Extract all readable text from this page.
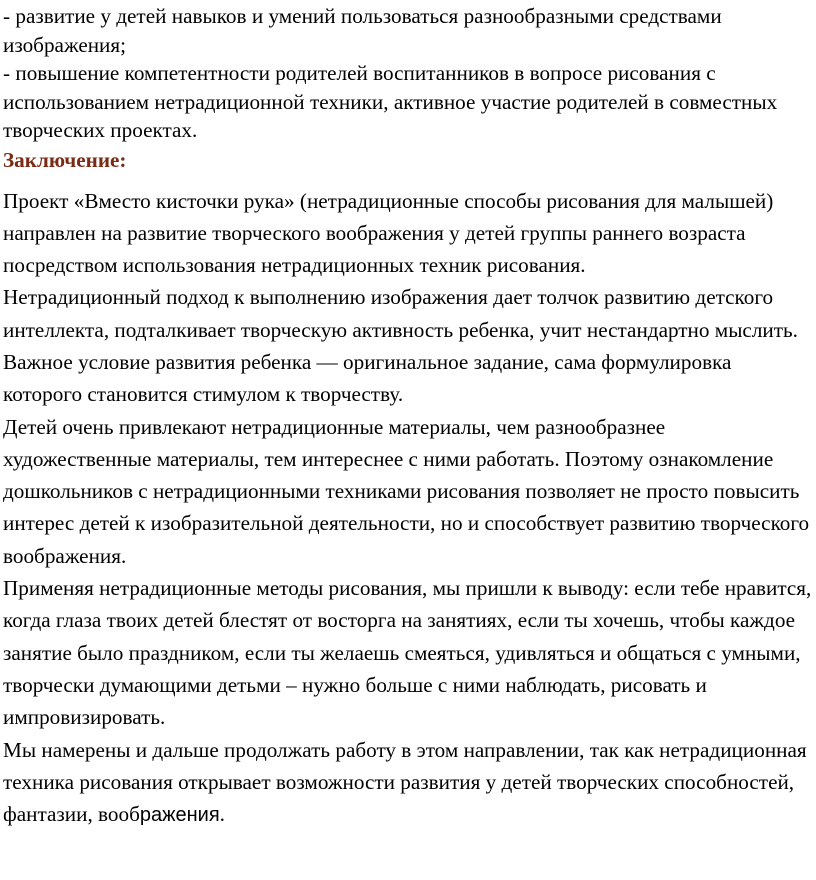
- развитие у детей навыков и умений пользоваться разнообразными средствами изображения;

- повышение компетентности родителей воспитанников в вопросе рисования с использованием нетрадиционной техники, активное участие родителей в совместных творческих проектах.

Заключение:

Проект «Вместо кисточки рука» (нетрадиционные способы рисования для малышей) направлен на развитие творческого воображения у детей группы раннего возраста посредством использования нетрадиционных техник рисования.

Нетрадиционный подход к выполнению изображения дает толчок развитию детского интеллекта, подталкивает творческую активность ребенка, учит нестандартно мыслить. Важное условие развития ребенка — оригинальное задание, сама формулировка которого становится стимулом к творчеству.

Детей очень привлекают нетрадиционные материалы, чем разнообразнее художественные материалы, тем интереснее с ними работать. Поэтому ознакомление дошкольников с нетрадиционными техниками рисования позволяет не просто повысить интерес детей к изобразительной деятельности, но и способствует развитию творческого воображения.

Применяя нетрадиционные методы рисования, мы пришли к выводу: если тебе нравится, когда глаза твоих детей блестят от восторга на занятиях, если ты хочешь, чтобы каждое занятие было праздником, если ты желаешь смеяться, удивляться и общаться с умными, творчески думающими детьми – нужно больше с ними наблюдать, рисовать и импровизировать.

Мы намерены и дальше продолжать работу в этом направлении, так как нетрадиционная техника рисования открывает возможности развития у детей творческих способностей, фантазии, воображения.
